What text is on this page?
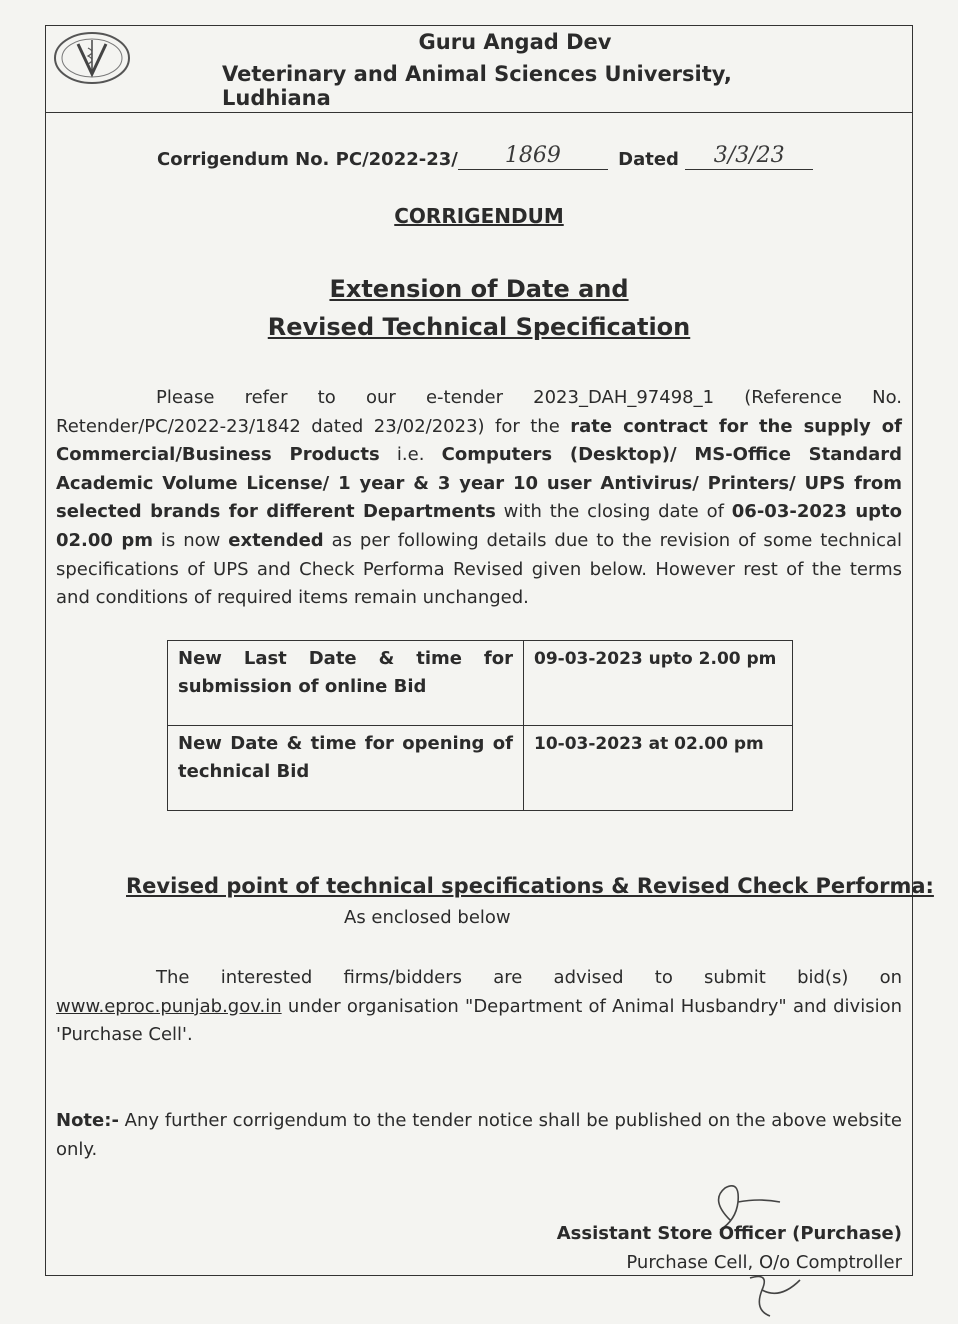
Guru Angad Dev
Veterinary and Animal Sciences University, Ludhiana
Corrigendum No. PC/2022-23/ 1869	Dated 3/3/23
CORRIGENDUM
Extension of Date and
Revised Technical Specification
Please refer to our e-tender 2023_DAH_97498_1 (Reference No. Retender/PC/2022-23/1842 dated 23/02/2023) for the rate contract for the supply of Commercial/Business Products i.e. Computers (Desktop)/ MS-Office Standard Academic Volume License/ 1 year & 3 year 10 user Antivirus/ Printers/ UPS from selected brands for different Departments with the closing date of 06-03-2023 upto 02.00 pm is now extended as per following details due to the revision of some technical specifications of UPS and Check Performa Revised given below. However rest of the terms and conditions of required items remain unchanged.
New Last Date & time for submission of online Bid	09-03-2023 upto 2.00 pm
New Date & time for opening of technical Bid	10-03-2023 at 02.00 pm
Revised point of technical specifications & Revised Check Performa:
As enclosed below
The interested firms/bidders are advised to submit bid(s) on www.eproc.punjab.gov.in under organisation "Department of Animal Husbandry" and division 'Purchase Cell'.
Note:- Any further corrigendum to the tender notice shall be published on the above website only.
Assistant Store Officer (Purchase)
Purchase Cell, O/o Comptroller
